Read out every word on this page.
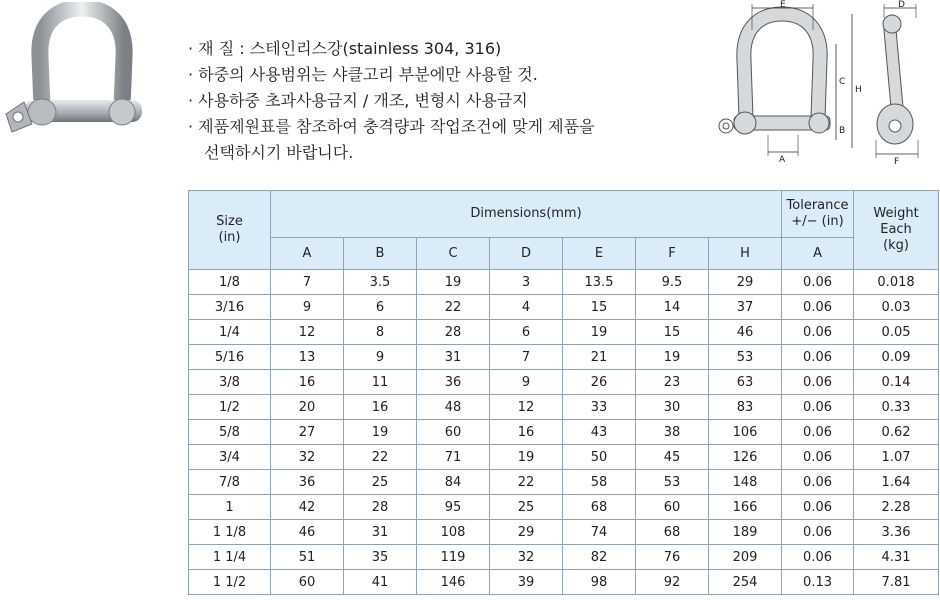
· 재 질 : 스테인리스강(stainless 304, 316)
· 하중의 사용범위는 샤클고리 부분에만 사용할 것.
· 사용하중 초과사용금지 / 개조, 변형시 사용금지
· 제품제원표를 참조하여 충격량과 작업조건에 맞게 제품을
선택하시기 바랍니다.
E
C
H
B
A
D
F
Size
(in)	Dimensions(mm)							Tolerance
+/− (in)	Weight
Each
(kg)
	A	B	C	D	E	F	H	A	
1/8	7	3.5	19	3	13.5	9.5	29	0.06	0.018
3/16	9	6	22	4	15	14	37	0.06	0.03
1/4	12	8	28	6	19	15	46	0.06	0.05
5/16	13	9	31	7	21	19	53	0.06	0.09
3/8	16	11	36	9	26	23	63	0.06	0.14
1/2	20	16	48	12	33	30	83	0.06	0.33
5/8	27	19	60	16	43	38	106	0.06	0.62
3/4	32	22	71	19	50	45	126	0.06	1.07
7/8	36	25	84	22	58	53	148	0.06	1.64
1	42	28	95	25	68	60	166	0.06	2.28
1 1/8	46	31	108	29	74	68	189	0.06	3.36
1 1/4	51	35	119	32	82	76	209	0.06	4.31
1 1/2	60	41	146	39	98	92	254	0.13	7.81
